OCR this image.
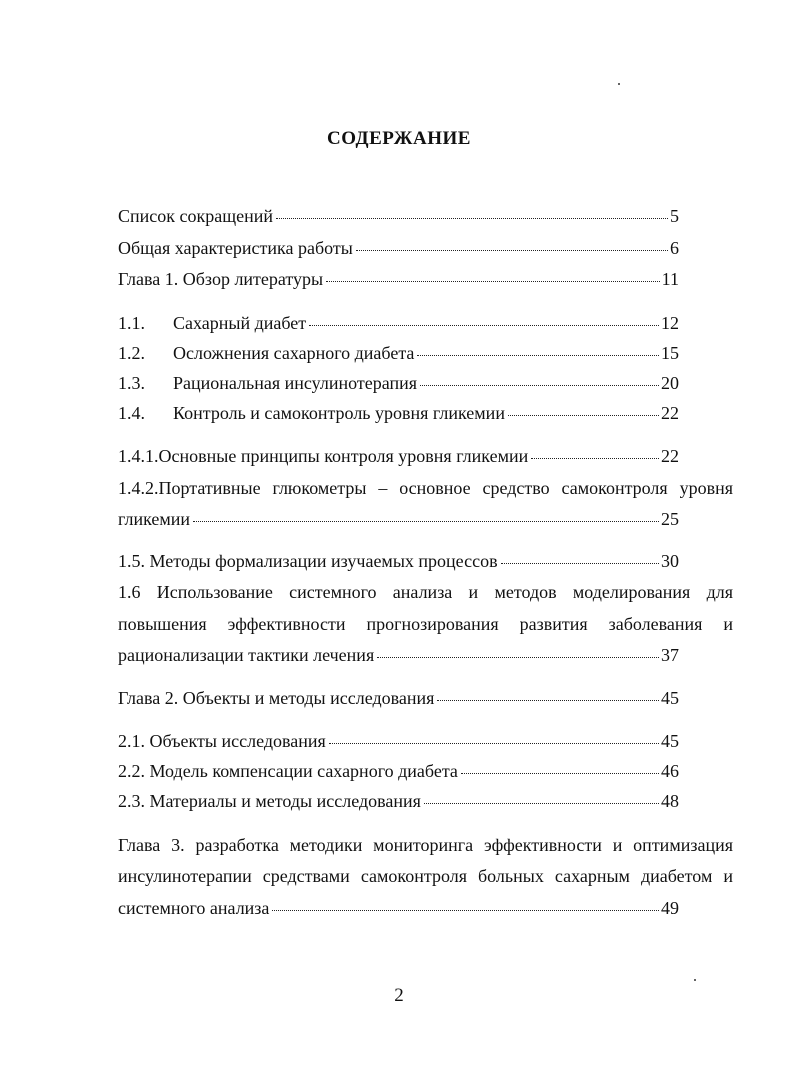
СОДЕРЖАНИЕ
Список сокращений	5
Общая характеристика работы	6
Глава 1. Обзор литературы	11
1.1.	Сахарный диабет	12
1.2.	Осложнения сахарного диабета	15
1.3.	Рациональная инсулинотерапия	20
1.4.	Контроль и самоконтроль уровня гликемии	22
1.4.1.Основные принципы контроля уровня гликемии	22
1.4.2.Портативные глюкометры – основное средство самоконтроля уровня
гликемии	25
1.5. Методы формализации изучаемых процессов	30
1.6 Использование системного анализа и методов моделирования для
повышения эффективности прогнозирования развития заболевания и
рационализации тактики лечения	37
Глава 2. Объекты и методы исследования	45
2.1. Объекты исследования	45
2.2. Модель компенсации сахарного диабета	46
2.3. Материалы и методы исследования	48
Глава 3. разработка методики мониторинга эффективности и оптимизация
инсулинотерапии средствами самоконтроля больных сахарным диабетом и
системного анализа	49
2
